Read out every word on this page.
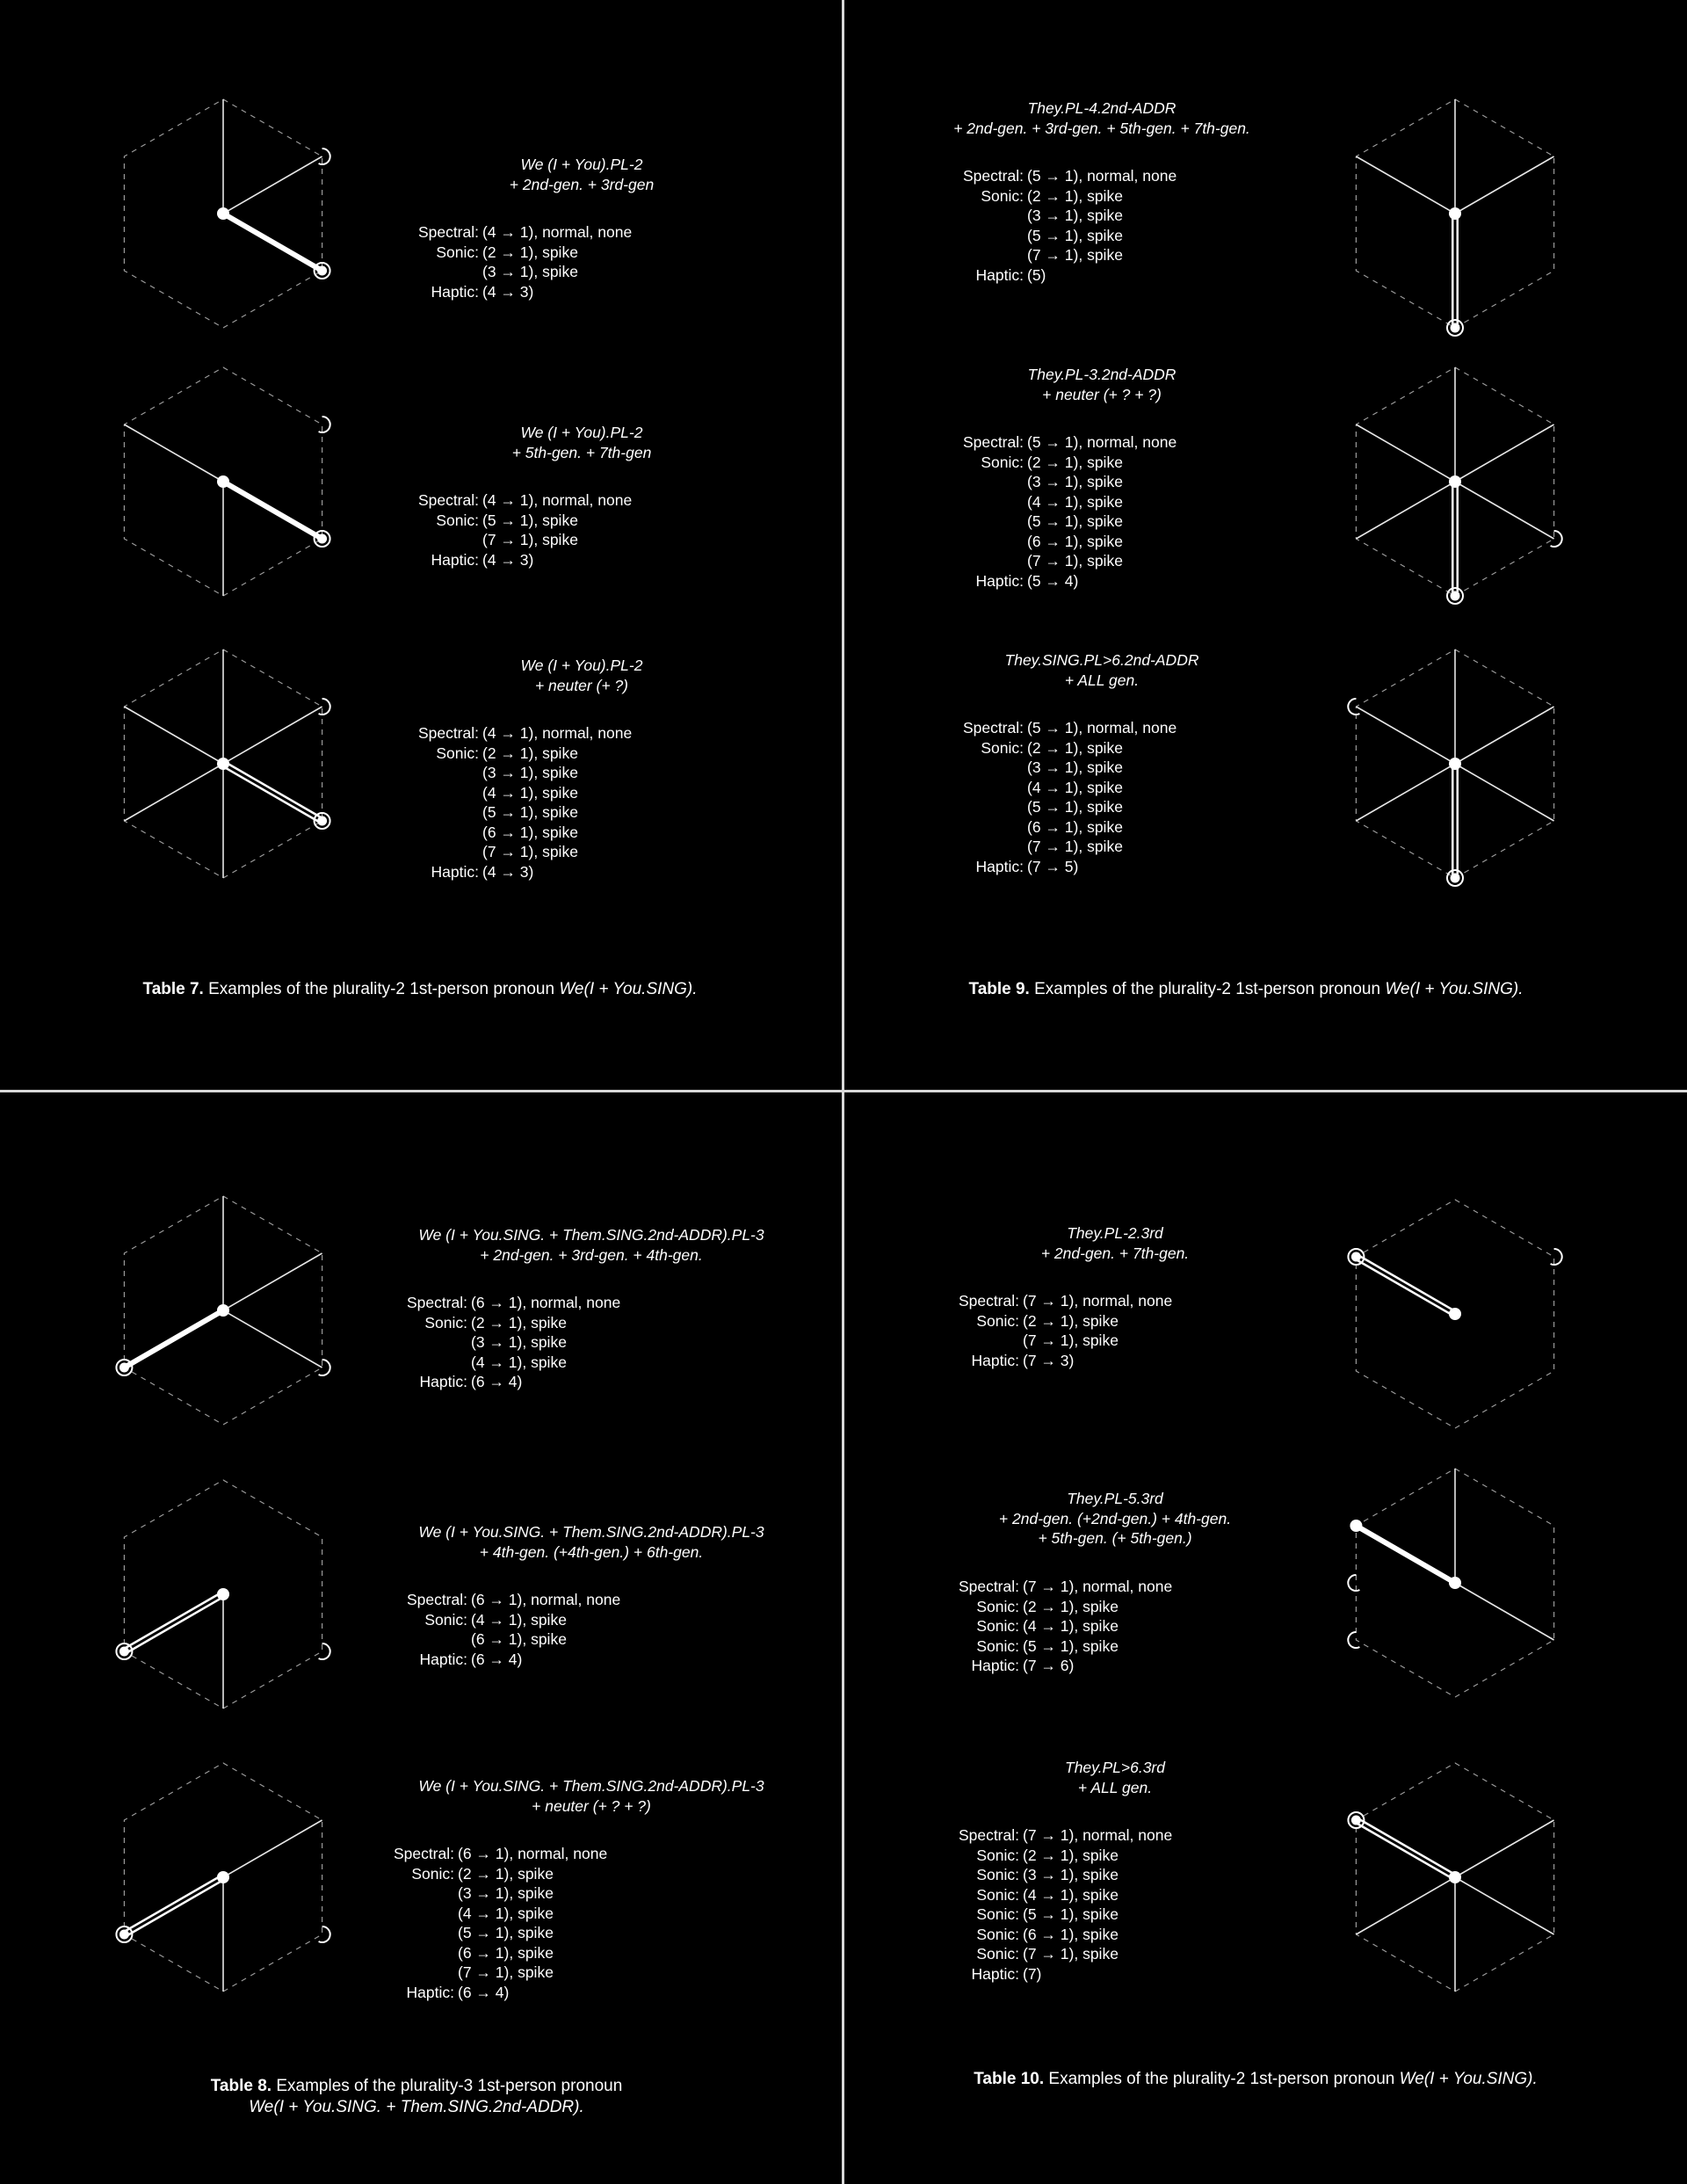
We (I + You).PL-2
+ 2nd-gen. + 3rd-gen
Spectral: (4 → 1), normal, none
Sonic: (2 → 1), spike
(3 → 1), spike
Haptic: (4 → 3)
We (I + You).PL-2
+ 5th-gen. + 7th-gen
Spectral: (4 → 1), normal, none
Sonic: (5 → 1), spike
(7 → 1), spike
Haptic: (4 → 3)
We (I + You).PL-2
+ neuter (+ ?)
Spectral: (4 → 1), normal, none
Sonic: (2 → 1), spike
(3 → 1), spike
(4 → 1), spike
(5 → 1), spike
(6 → 1), spike
(7 → 1), spike
Haptic: (4 → 3)
Table 7. Examples of the plurality-2 1st-person pronoun We(I + You.SING).
They.PL-4.2nd-ADDR
+ 2nd-gen. + 3rd-gen. + 5th-gen. + 7th-gen.
Spectral: (5 → 1), normal, none
Sonic: (2 → 1), spike
(3 → 1), spike
(5 → 1), spike
(7 → 1), spike
Haptic: (5)
They.PL-3.2nd-ADDR
+ neuter (+ ? + ?)
Spectral: (5 → 1), normal, none
Sonic: (2 → 1), spike
(3 → 1), spike
(4 → 1), spike
(5 → 1), spike
(6 → 1), spike
(7 → 1), spike
Haptic: (5 → 4)
They.SING.PL>6.2nd-ADDR
+ ALL gen.
Spectral: (5 → 1), normal, none
Sonic: (2 → 1), spike
(3 → 1), spike
(4 → 1), spike
(5 → 1), spike
(6 → 1), spike
(7 → 1), spike
Haptic: (7 → 5)
Table 9. Examples of the plurality-2 1st-person pronoun We(I + You.SING).
We (I + You.SING. + Them.SING.2nd-ADDR).PL-3
+ 2nd-gen. + 3rd-gen. + 4th-gen.
Spectral: (6 → 1), normal, none
Sonic: (2 → 1), spike
(3 → 1), spike
(4 → 1), spike
Haptic: (6 → 4)
We (I + You.SING. + Them.SING.2nd-ADDR).PL-3
+ 4th-gen. (+4th-gen.) + 6th-gen.
Spectral: (6 → 1), normal, none
Sonic: (4 → 1), spike
(6 → 1), spike
Haptic: (6 → 4)
We (I + You.SING. + Them.SING.2nd-ADDR).PL-3
+ neuter (+ ? + ?)
Spectral: (6 → 1), normal, none
Sonic: (2 → 1), spike
(3 → 1), spike
(4 → 1), spike
(5 → 1), spike
(6 → 1), spike
(7 → 1), spike
Haptic: (6 → 4)
Table 8. Examples of the plurality-3 1st-person pronoun
We(I + You.SING. + Them.SING.2nd-ADDR).
They.PL-2.3rd
+ 2nd-gen. + 7th-gen.
Spectral: (7 → 1), normal, none
Sonic: (2 → 1), spike
(7 → 1), spike
Haptic: (7 → 3)
They.PL-5.3rd
+ 2nd-gen. (+2nd-gen.) + 4th-gen.
+ 5th-gen. (+ 5th-gen.)
Spectral: (7 → 1), normal, none
Sonic: (2 → 1), spike
Sonic: (4 → 1), spike
Sonic: (5 → 1), spike
Haptic: (7 → 6)
They.PL>6.3rd
+ ALL gen.
Spectral: (7 → 1), normal, none
Sonic: (2 → 1), spike
Sonic: (3 → 1), spike
Sonic: (4 → 1), spike
Sonic: (5 → 1), spike
Sonic: (6 → 1), spike
Sonic: (7 → 1), spike
Haptic: (7)
Table 10. Examples of the plurality-2 1st-person pronoun We(I + You.SING).
